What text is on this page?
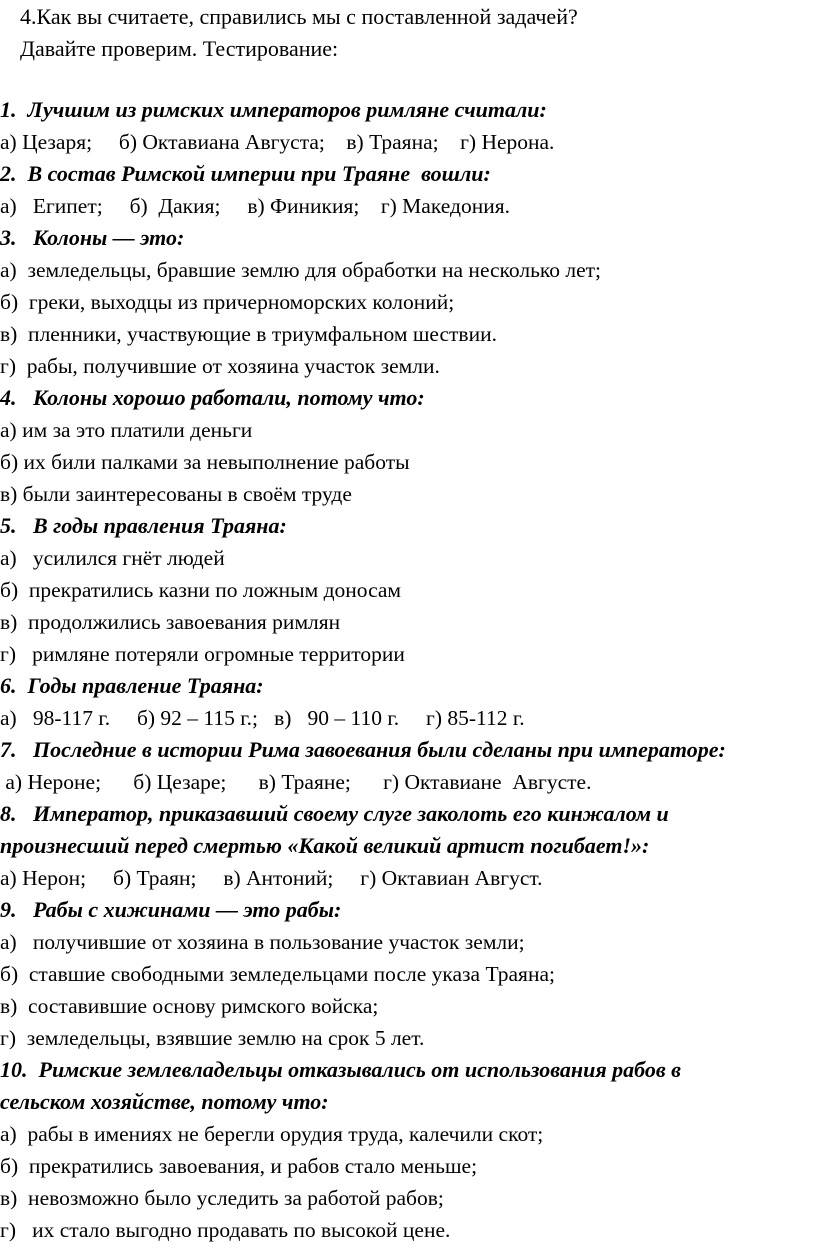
4.Как вы считаете, справились мы с поставленной задачей?
Давайте проверим. Тестирование:
1.  Лучшим из римских императоров римляне считали:
а) Цезаря;     б) Октавиана Августа;    в) Траяна;    г) Нерона.
2.  В состав Римской империи при Траяне  вошли:
а)   Египет;     б)  Дакия;     в) Финикия;    г) Македония.
3.   Колоны — это:
а)  земледельцы, бравшие землю для обработки на несколько лет;
б)  греки, выходцы из причерноморских колоний;
в)  пленники, участвующие в триумфальном шествии.
г)  рабы, получившие от хозяина участок земли.
4.   Колоны хорошо работали, потому что:
а) им за это платили деньги
б) их били палками за невыполнение работы
в) были заинтересованы в своём труде
5.   В годы правления Траяна:
а)   усилился гнёт людей
б)  прекратились казни по ложным доносам
в)  продолжились завоевания римлян
г)   римляне потеряли огромные территории
6.  Годы правление Траяна:
а)   98-117 г.     б) 92 – 115 г.;   в)   90 – 110 г.     г) 85-112 г.
7.   Последние в истории Рима завоевания были сделаны при императоре:
а) Нероне;      б) Цезаре;      в) Траяне;      г) Октавиане  Августе.
8.   Император, приказавший своему слуге заколоть его кинжалом и
произнесший перед смертью «Какой великий артист погибает!»:
а) Нерон;     б) Траян;     в) Антоний;     г) Октавиан Август.
9.   Рабы с хижинами — это рабы:
а)   получившие от хозяина в пользование участок земли;
б)  ставшие свободными земледельцами после указа Траяна;
в)  составившие основу римского войска;
г)  земледельцы, взявшие землю на срок 5 лет.
10.  Римские землевладельцы отказывались от использования рабов в
сельском хозяйстве, потому что:
а)  рабы в имениях не берегли орудия труда, калечили скот;
б)  прекратились завоевания, и рабов стало меньше;
в)  невозможно было уследить за работой рабов;
г)   их стало выгодно продавать по высокой цене.
